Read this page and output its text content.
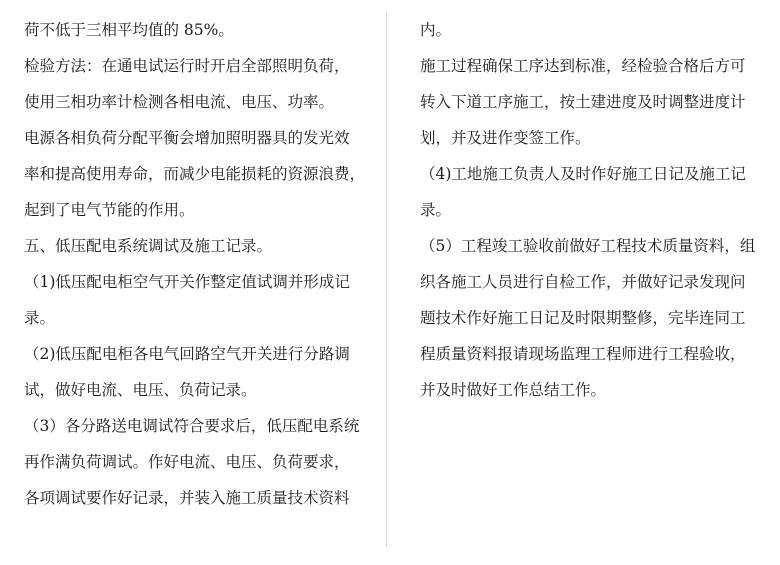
荷不低于三相平均值的 85%。
检验方法：在通电试运行时开启全部照明负荷，
使用三相功率计检测各相电流、电压、功率。
电源各相负荷分配平衡会增加照明器具的发光效
率和提高使用寿命，而减少电能损耗的资源浪费，
起到了电气节能的作用。
五、低压配电系统调试及施工记录。
（1)低压配电柜空气开关作整定值试调并形成记
录。
（2)低压配电柜各电气回路空气开关进行分路调
试，做好电流、电压、负荷记录。
（3）各分路送电调试符合要求后，低压配电系统
再作满负荷调试。作好电流、电压、负荷要求，
各项调试要作好记录，并装入施工质量技术资料
内。
施工过程确保工序达到标准，经检验合格后方可
转入下道工序施工，按土建进度及时调整进度计
划，并及进作变签工作。
（4)工地施工负责人及时作好施工日记及施工记
录。
（5）工程竣工验收前做好工程技术质量资料，组
织各施工人员进行自检工作，并做好记录发现问
题技术作好施工日记及时限期整修，完毕连同工
程质量资料报请现场监理工程师进行工程验收，
并及时做好工作总结工作。
